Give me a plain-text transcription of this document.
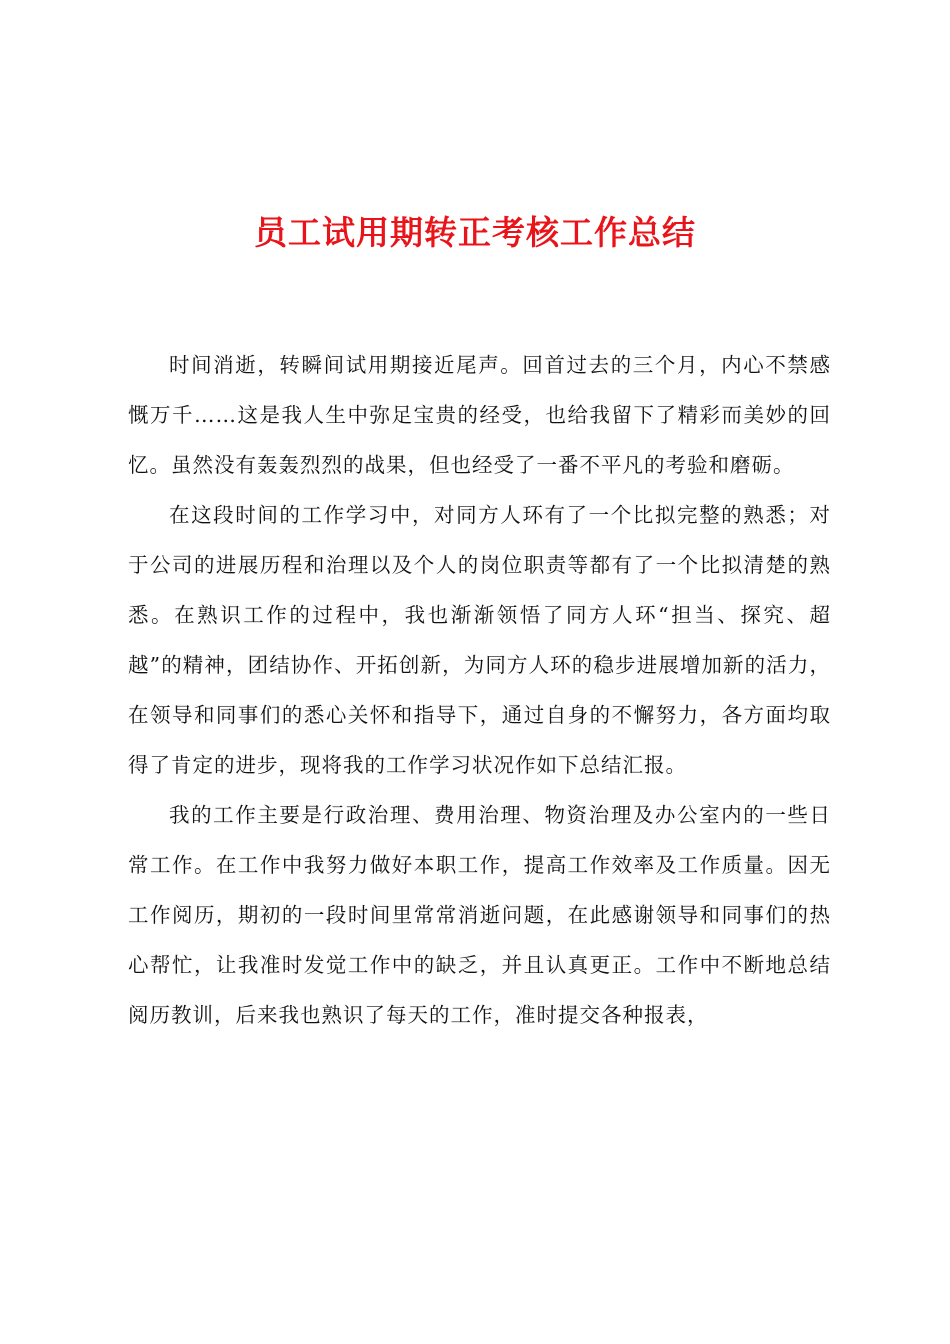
员工试用期转正考核工作总结

时间消逝，转瞬间试用期接近尾声。回首过去的三个月，内心不禁感慨万千……这是我人生中弥足宝贵的经受，也给我留下了精彩而美妙的回忆。虽然没有轰轰烈烈的战果，但也经受了一番不平凡的考验和磨砺。

在这段时间的工作学习中，对同方人环有了一个比拟完整的熟悉；对于公司的进展历程和治理以及个人的岗位职责等都有了一个比拟清楚的熟悉。在熟识工作的过程中，我也渐渐领悟了同方人环“担当、探究、超越”的精神，团结协作、开拓创新，为同方人环的稳步进展增加新的活力，在领导和同事们的悉心关怀和指导下，通过自身的不懈努力，各方面均取得了肯定的进步，现将我的工作学习状况作如下总结汇报。

我的工作主要是行政治理、费用治理、物资治理及办公室内的一些日常工作。在工作中我努力做好本职工作，提高工作效率及工作质量。因无工作阅历，期初的一段时间里常常消逝问题，在此感谢领导和同事们的热心帮忙，让我准时发觉工作中的缺乏，并且认真更正。工作中不断地总结阅历教训，后来我也熟识了每天的工作，准时提交各种报表，
